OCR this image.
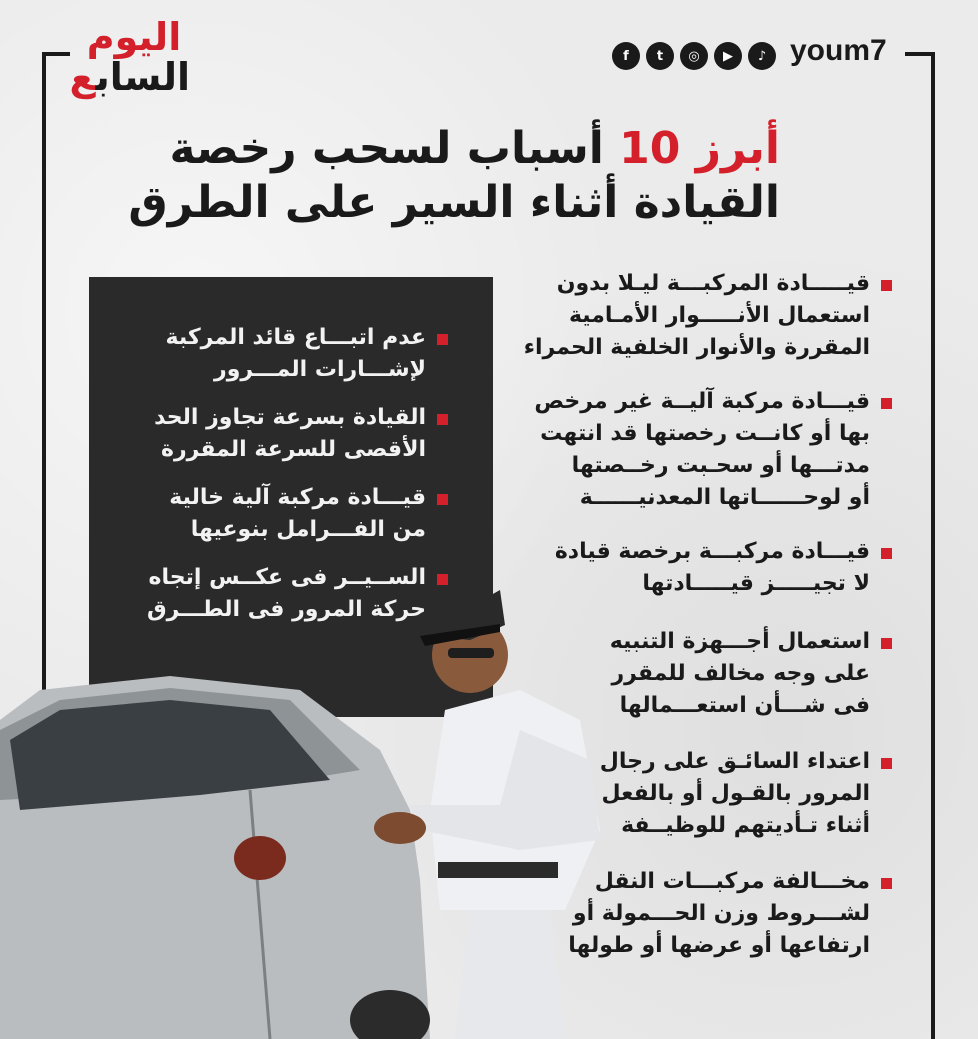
اليوم
السابع	f	t	◎	▶	♪ youm7
أبرز 10 أسباب لسحب رخصة
القيادة أثناء السير على الطرق
قيـــــادة المركبـــة ليـلا بدون
استعمال الأنـــــوار الأمـامية
المقررة والأنوار الخلفية الحمراء
قيـــادة مركبة آليــة غير مرخص
بها أو كانــت رخصتها قد انتهت
مدتـــها أو سحـبت رخــصتها
أو لوحــــــاتها المعدنيــــــة
قيـــادة مركبـــة برخصة قيادة
لا تجيـــــز قيـــــادتها
استعمال أجـــهزة التنبيه
على وجه مخالف للمقرر
فى شـــأن استعـــمالها
اعتداء السائـق على رجال
المرور بالقـول أو بالفعل
أثناء تـأديتهم للوظيــفة
مخـــالفة مركبـــات النقل
لشـــروط وزن الحـــمولة أو
ارتفاعها أو عرضها أو طولها
عدم اتبـــاع قائد المركبة
لإشـــارات المـــرور
القيادة بسرعة تجاوز الحد
الأقصى للسرعة المقررة
قيـــادة مركبة آلية خالية
من الفـــرامل بنوعيها
الســيــر فى عكــس إتجاه
حركة المرور فى الطـــرق
